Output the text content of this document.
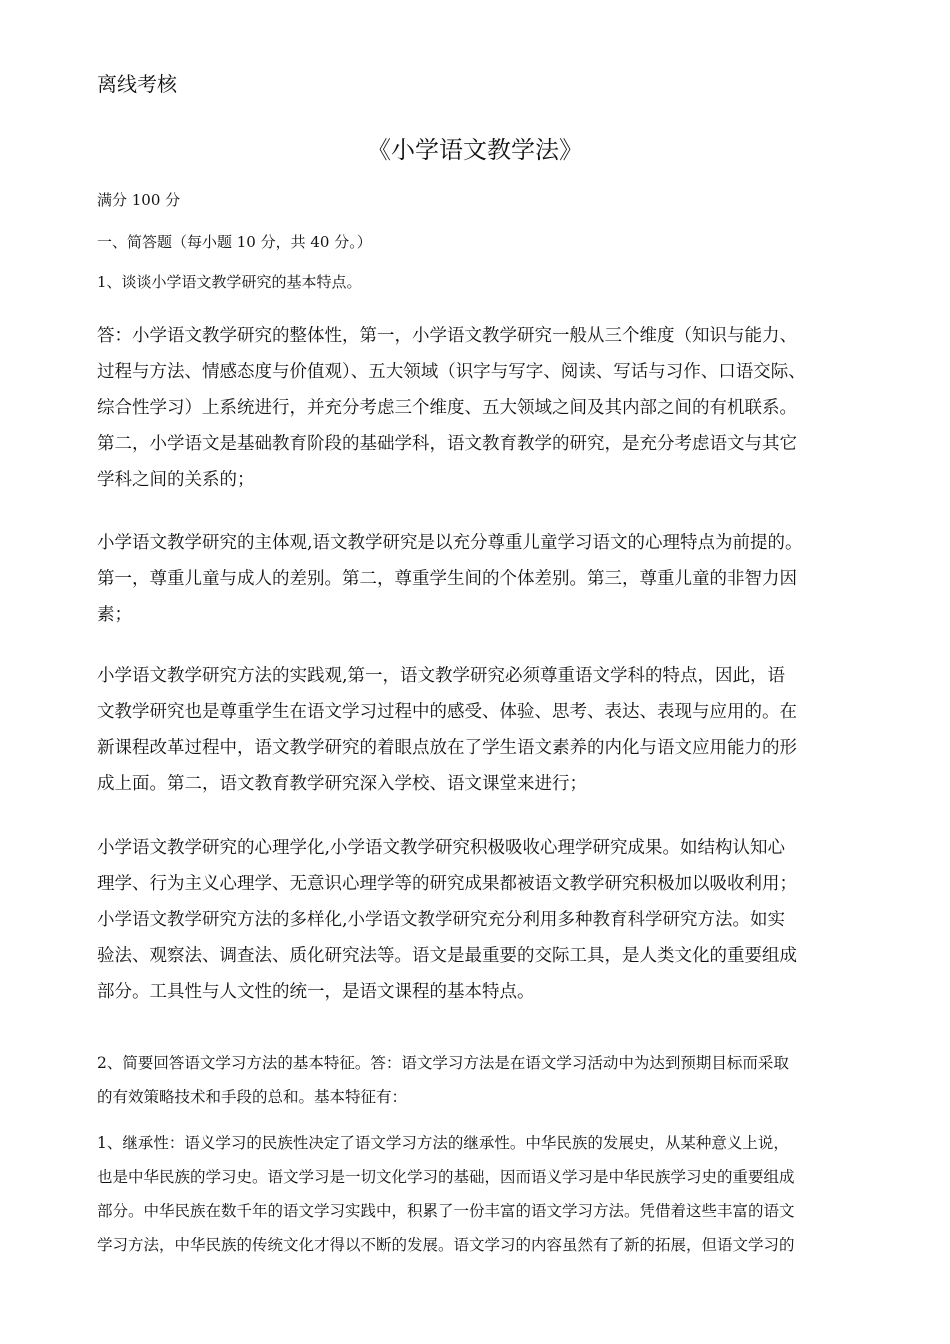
离线考核
《小学语文教学法》
满分 100 分
一、简答题（每小题 10 分，共 40 分。）
1、谈谈小学语文教学研究的基本特点。
答：小学语文教学研究的整体性，第一，小学语文教学研究一般从三个维度（知识与能力、
过程与方法、情感态度与价值观）、五大领域（识字与写字、阅读、写话与习作、口语交际、
综合性学习）上系统进行，并充分考虑三个维度、五大领域之间及其内部之间的有机联系。
第二，小学语文是基础教育阶段的基础学科，语文教育教学的研究，是充分考虑语文与其它
学科之间的关系的；
小学语文教学研究的主体观,语文教学研究是以充分尊重儿童学习语文的心理特点为前提的。
第一，尊重儿童与成人的差别。第二，尊重学生间的个体差别。第三，尊重儿童的非智力因
素；
小学语文教学研究方法的实践观,第一，语文教学研究必须尊重语文学科的特点，因此，语
文教学研究也是尊重学生在语文学习过程中的感受、体验、思考、表达、表现与应用的。在
新课程改革过程中，语文教学研究的着眼点放在了学生语文素养的内化与语文应用能力的形
成上面。第二，语文教育教学研究深入学校、语文课堂来进行；
小学语文教学研究的心理学化,小学语文教学研究积极吸收心理学研究成果。如结构认知心
理学、行为主义心理学、无意识心理学等的研究成果都被语文教学研究积极加以吸收利用；
小学语文教学研究方法的多样化,小学语文教学研究充分利用多种教育科学研究方法。如实
验法、观察法、调查法、质化研究法等。语文是最重要的交际工具，是人类文化的重要组成
部分。工具性与人文性的统一，是语文课程的基本特点。
2、简要回答语文学习方法的基本特征。答：语文学习方法是在语文学习活动中为达到预期目标而采取
的有效策略技术和手段的总和。基本特征有：
1、继承性：语义学习的民族性决定了语文学习方法的继承性。中华民族的发展史，从某种意义上说，
也是中华民族的学习史。语文学习是一切文化学习的基础，因而语义学习是中华民族学习史的重要组成
部分。中华民族在数千年的语文学习实践中，积累了一份丰富的语文学习方法。凭借着这些丰富的语文
学习方法，中华民族的传统文化才得以不断的发展。语文学习的内容虽然有了新的拓展，但语文学习的
